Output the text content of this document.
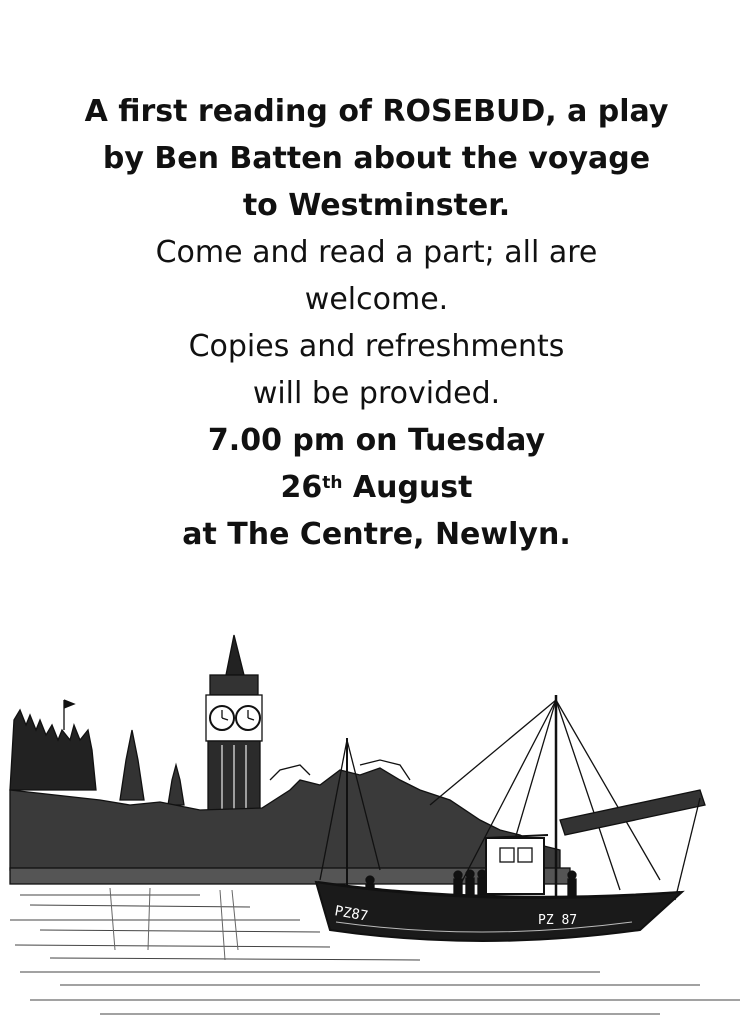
A first reading of ROSEBUD, a play
by Ben Batten about the voyage
to Westminster.
Come and read a part; all are
welcome.
Copies and refreshments
will be provided.
7.00 pm on Tuesday
26th August
at The Centre, Newlyn.
PZ87	PZ 87
